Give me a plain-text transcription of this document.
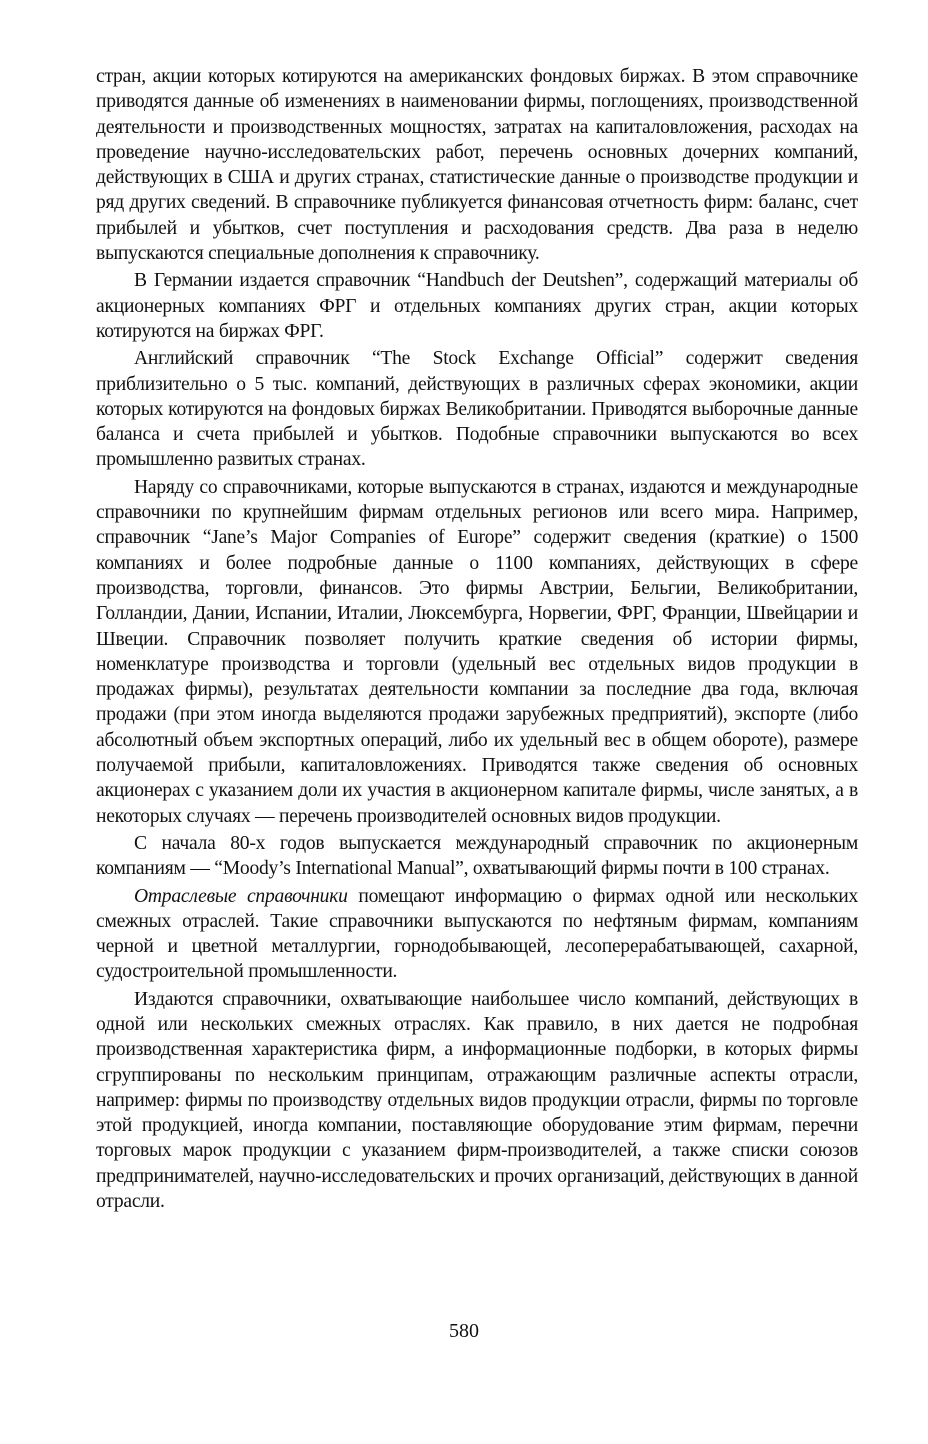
стран, акции которых котируются на американских фондовых биржах. В этом справочнике приводятся данные об изменениях в наименовании фирмы, поглощениях, производственной деятельности и производственных мощностях, затратах на капиталовложения, расходах на проведение научно-исследовательских работ, перечень основных дочерних компаний, действующих в США и других странах, статистические данные о производстве продукции и ряд других сведений. В справочнике публикуется финансовая отчетность фирм: баланс, счет прибылей и убытков, счет поступления и расходования средств. Два раза в неделю выпускаются специальные дополнения к справочнику.

В Германии издается справочник “Handbuch der Deutshen”, содержащий материалы об акционерных компаниях ФРГ и отдельных компаниях других стран, акции которых котируются на биржах ФРГ.

Английский справочник “The Stock Exchange Official” содержит сведения приблизительно о 5 тыс. компаний, действующих в различных сферах экономики, акции которых котируются на фондовых биржах Великобритании. Приводятся выборочные данные баланса и счета прибылей и убытков. Подобные справочники выпускаются во всех промышленно развитых странах.

Наряду со справочниками, которые выпускаются в странах, издаются и международные справочники по крупнейшим фирмам отдельных регионов или всего мира. Например, справочник “Jane’s Major Companies of Europe” содержит сведения (краткие) о 1500 компаниях и более подробные данные о 1100 компаниях, действующих в сфере производства, торговли, финансов. Это фирмы Австрии, Бельгии, Великобритании, Голландии, Дании, Испании, Италии, Люксембурга, Норвегии, ФРГ, Франции, Швейцарии и Швеции. Справочник позволяет получить краткие сведения об истории фирмы, номенклатуре производства и торговли (удельный вес отдельных видов продукции в продажах фирмы), результатах деятельности компании за последние два года, включая продажи (при этом иногда выделяются продажи зарубежных предприятий), экспорте (либо абсолютный объем экспортных операций, либо их удельный вес в общем обороте), размере получаемой прибыли, капиталовложениях. Приводятся также сведения об основных акционерах с указанием доли их участия в акционерном капитале фирмы, числе занятых, а в некоторых случаях — перечень производителей основных видов продукции.

С начала 80-х годов выпускается международный справочник по акционерным компаниям — “Moody’s International Manual”, охватывающий фирмы почти в 100 странах.

Отраслевые справочники помещают информацию о фирмах одной или нескольких смежных отраслей. Такие справочники выпускаются по нефтяным фирмам, компаниям черной и цветной металлургии, горнодобывающей, лесоперерабатывающей, сахарной, судостроительной промышленности.

Издаются справочники, охватывающие наибольшее число компаний, действующих в одной или нескольких смежных отраслях. Как правило, в них дается не подробная производственная характеристика фирм, а информационные подборки, в которых фирмы сгруппированы по нескольким принципам, отражающим различные аспекты отрасли, например: фирмы по производству отдельных видов продукции отрасли, фирмы по торговле этой продукцией, иногда компании, поставляющие оборудование этим фирмам, перечни торговых марок продукции с указанием фирм-производителей, а также списки союзов предпринимателей, научно-исследовательских и прочих организаций, действующих в данной отрасли.

580
